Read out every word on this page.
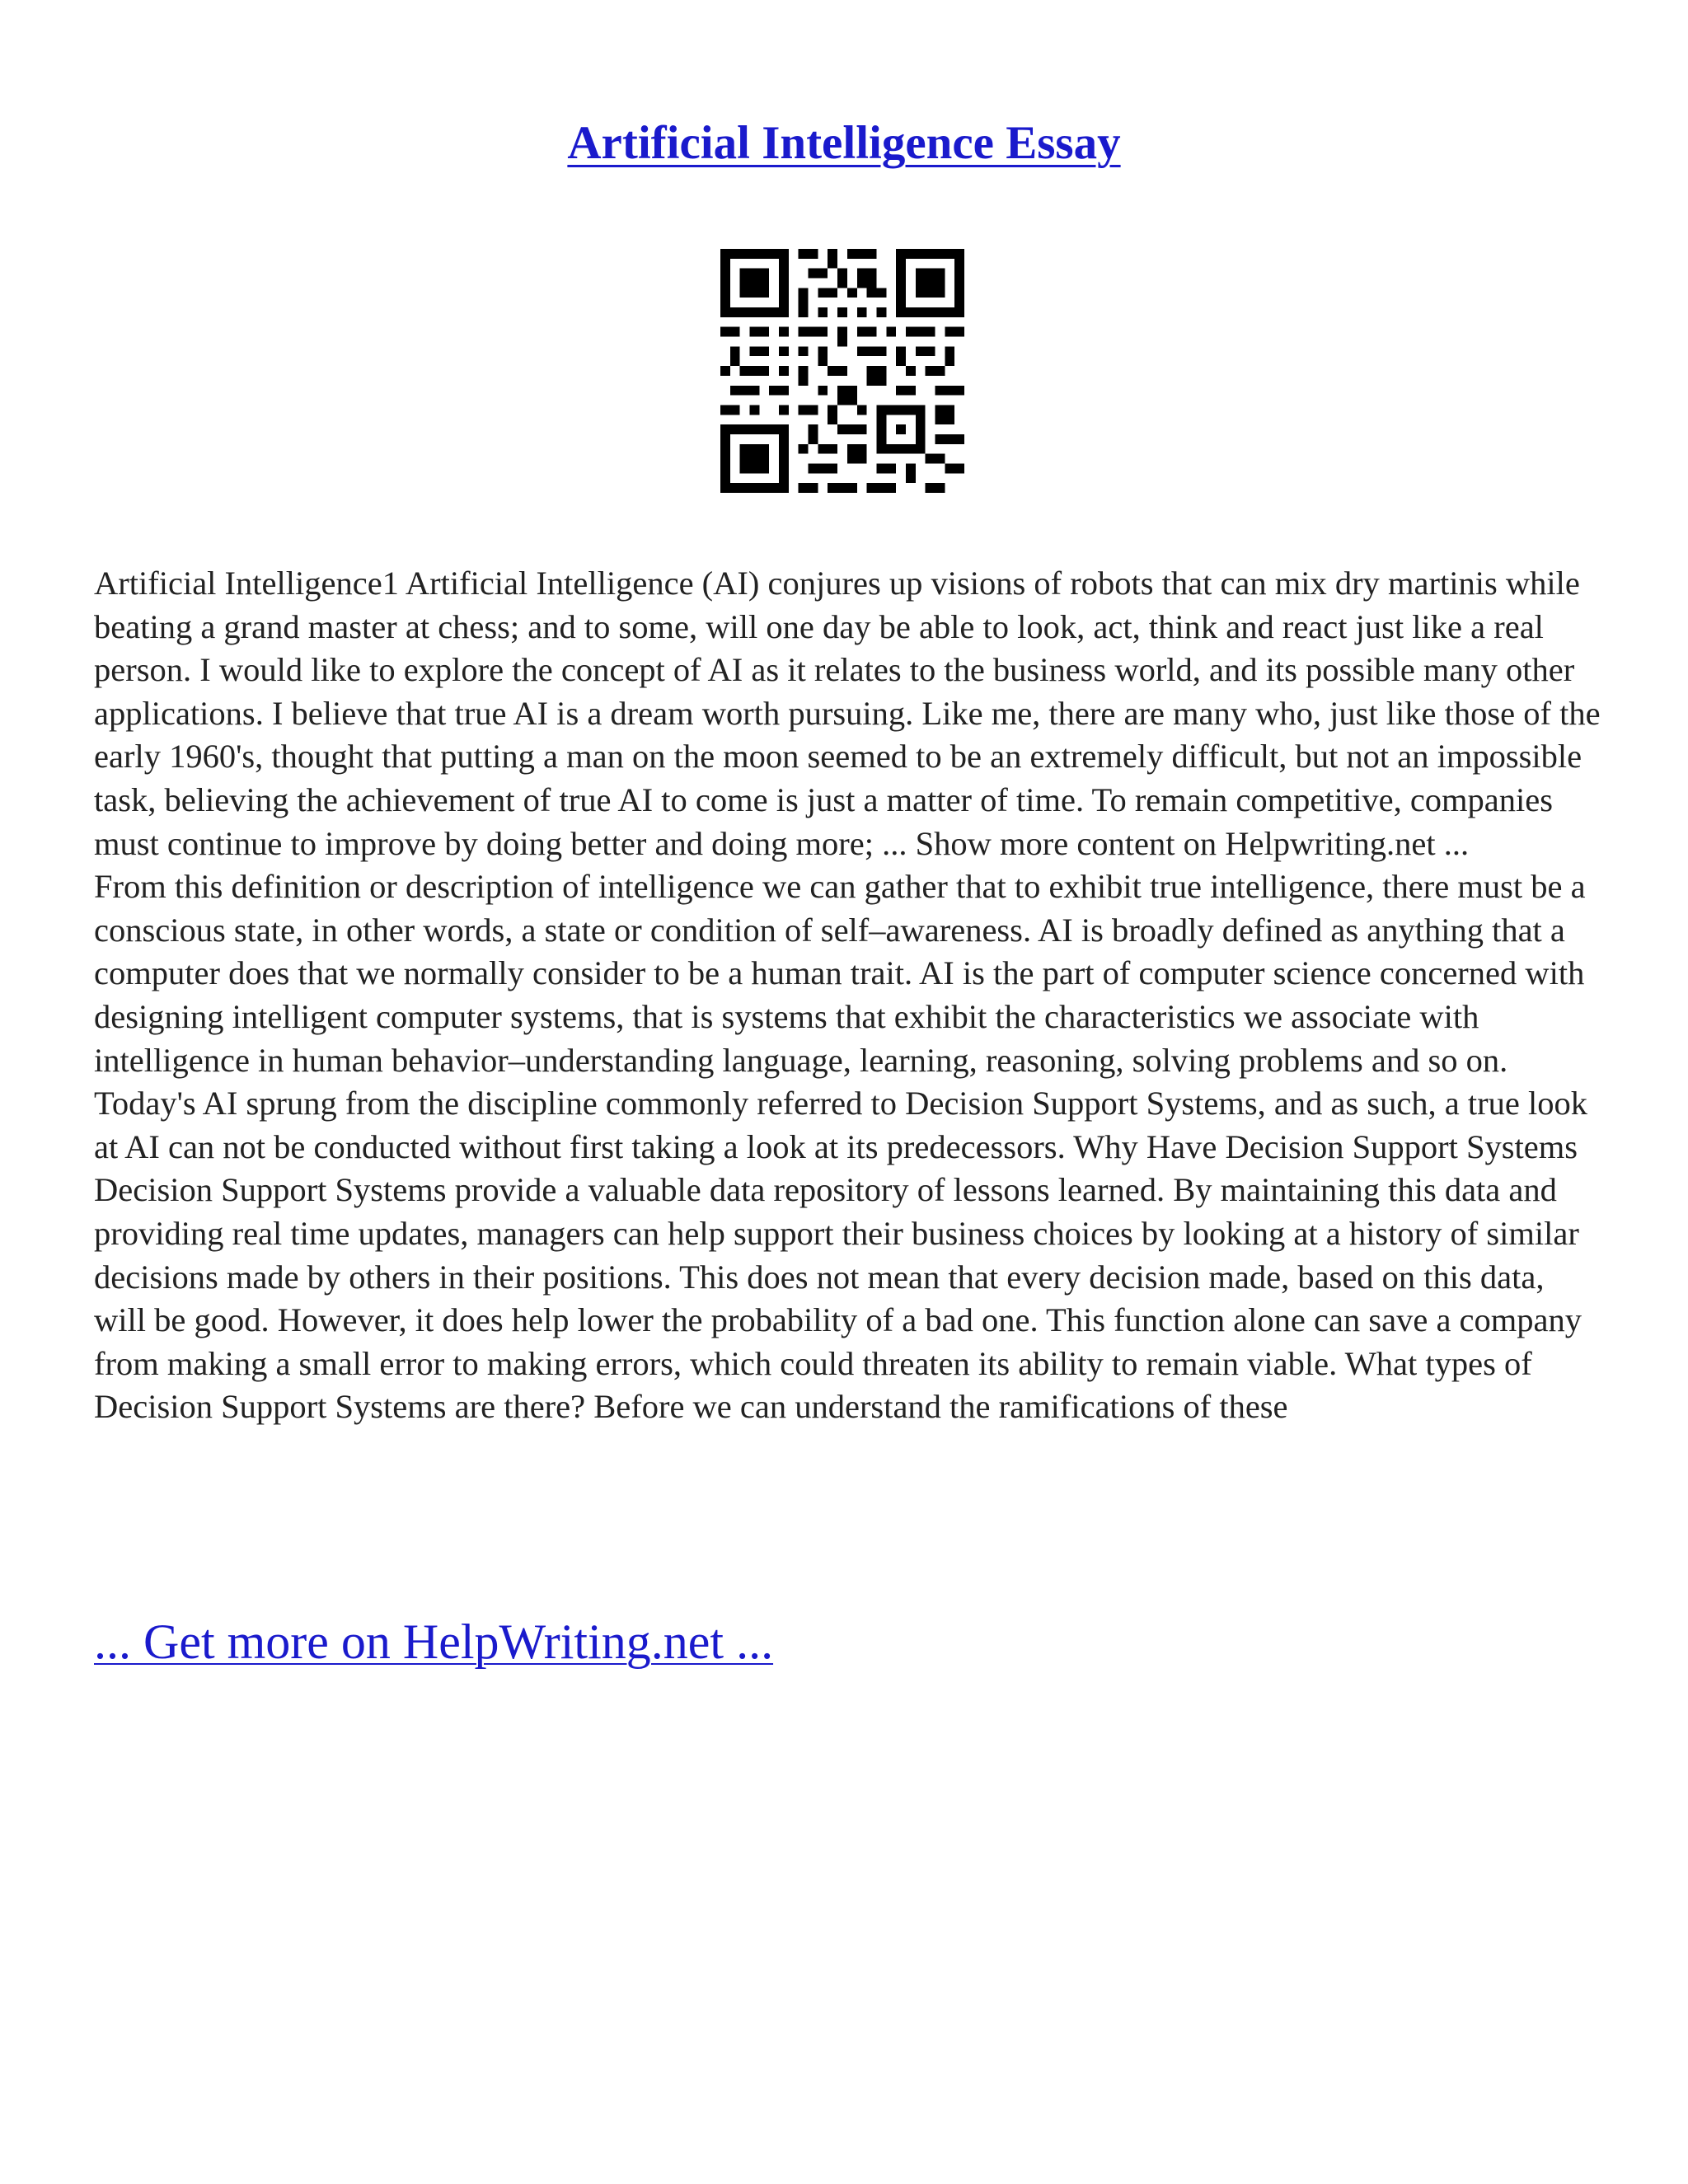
Artificial Intelligence Essay

Artificial Intelligence1 Artificial Intelligence (AI) conjures up visions of robots that can mix dry martinis while beating a grand master at chess; and to some, will one day be able to look, act, think and react just like a real person. I would like to explore the concept of AI as it relates to the business world, and its possible many other applications. I believe that true AI is a dream worth pursuing. Like me, there are many who, just like those of the early 1960's, thought that putting a man on the moon seemed to be an extremely difficult, but not an impossible task, believing the achievement of true AI to come is just a matter of time. To remain competitive, companies must continue to improve by doing better and doing more; ... Show more content on Helpwriting.net ...

From this definition or description of intelligence we can gather that to exhibit true intelligence, there must be a conscious state, in other words, a state or condition of self–awareness. AI is broadly defined as anything that a computer does that we normally consider to be a human trait. AI is the part of computer science concerned with designing intelligent computer systems, that is systems that exhibit the characteristics we associate with intelligence in human behavior–understanding language, learning, reasoning, solving problems and so on. Today's AI sprung from the discipline commonly referred to Decision Support Systems, and as such, a true look at AI can not be conducted without first taking a look at its predecessors. Why Have Decision Support Systems Decision Support Systems provide a valuable data repository of lessons learned. By maintaining this data and providing real time updates, managers can help support their business choices by looking at a history of similar decisions made by others in their positions. This does not mean that every decision made, based on this data, will be good. However, it does help lower the probability of a bad one. This function alone can save a company from making a small error to making errors, which could threaten its ability to remain viable. What types of Decision Support Systems are there? Before we can understand the ramifications of these

... Get more on HelpWriting.net ...
